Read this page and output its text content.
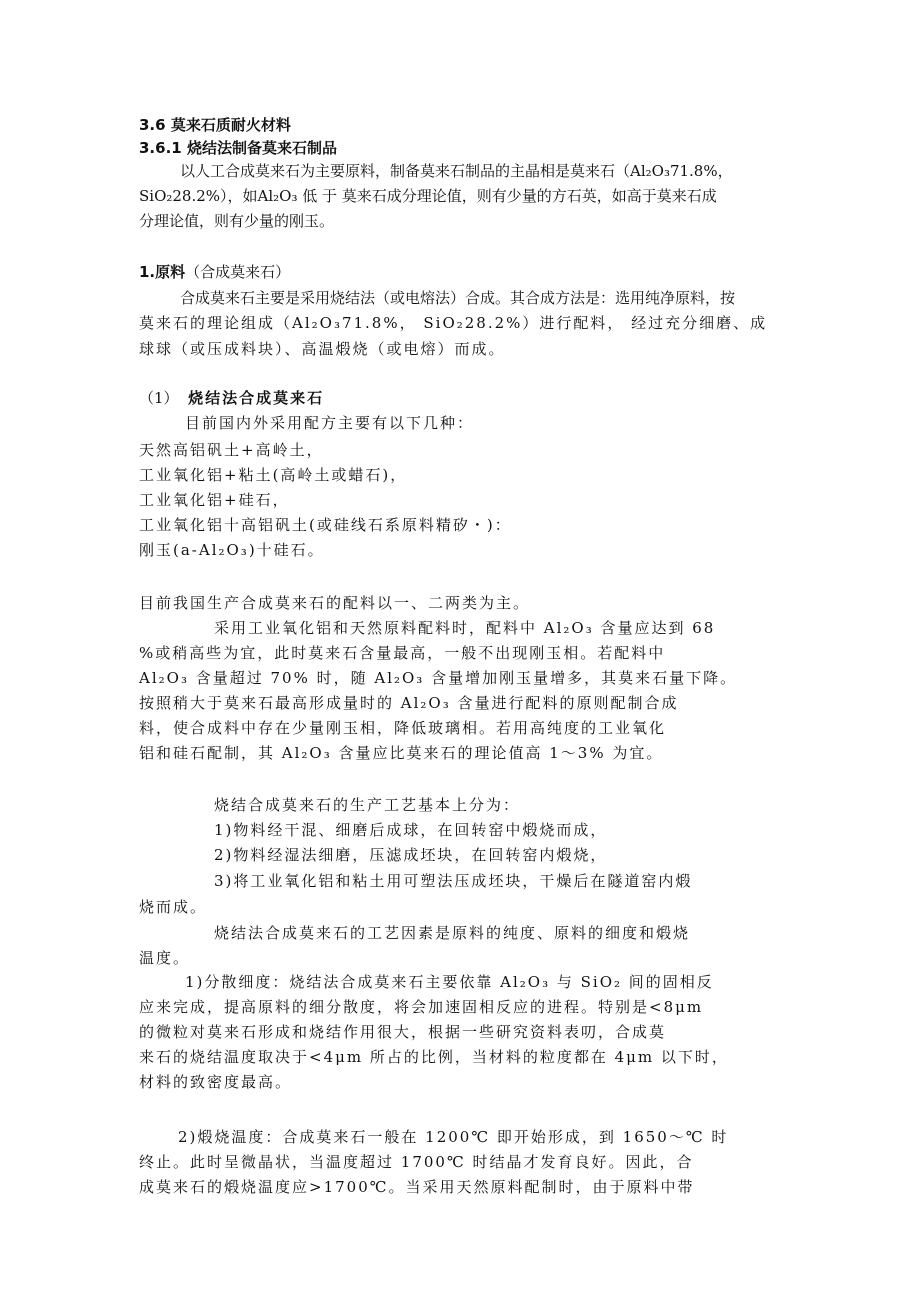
3.6 莫来石质耐火材料
3.6.1 烧结法制备莫来石制品
以人工合成莫来石为主要原料，制备莫来石制品的主晶相是莫来石（Al₂O₃71.8%，
SiO₂28.2%），如Al₂O₃ 低 于 莫来石成分理论值，则有少量的方石英，如高于莫来石成
分理论值，则有少量的刚玉。
1.原料（合成莫来石）
合成莫来石主要是采用烧结法（或电熔法）合成。其合成方法是：选用纯净原料，按
莫来石的理论组成（Al₂O₃71.8%， SiO₂28.2%）进行配料， 经过充分细磨、成
球球（或压成料块）、高温煅烧（或电熔）而成。
（1） 烧结法合成莫来石
目前国内外采用配方主要有以下几种：
天然高铝矾土+高岭土，
工业氧化铝+粘土(高岭土或蜡石)，
工业氧化铝+硅石，
工业氧化铝十高铝矾土(或硅线石系原料精矽・)：
刚玉(a-Al₂O₃)十硅石。
目前我国生产合成莫来石的配料以一、二两类为主。
采用工业氧化铝和天然原料配料时，配料中 Al₂O₃ 含量应达到 68
%或稍高些为宜，此时莫来石含量最高，一般不出现刚玉相。若配料中
Al₂O₃ 含量超过 70% 时，随 Al₂O₃ 含量增加刚玉量增多，其莫来石量下降。
按照稍大于莫来石最高形成量时的 Al₂O₃ 含量进行配料的原则配制合成
料，使合成料中存在少量刚玉相，降低玻璃相。若用高纯度的工业氧化
铝和硅石配制，其 Al₂O₃ 含量应比莫来石的理论值高 1～3% 为宜。
烧结合成莫来石的生产工艺基本上分为：
1)物料经干混、细磨后成球，在回转窑中煅烧而成，
2)物料经湿法细磨，压滤成坯块，在回转窑内煅烧，
3)将工业氧化铝和粘土用可塑法压成坯块，干燥后在隧道窑内煅
烧而成。
烧结法合成莫来石的工艺因素是原料的纯度、原料的细度和煅烧
温度。
1)分散细度：烧结法合成莫来石主要依靠 Al₂O₃ 与 SiO₂ 间的固相反
应来完成，提高原料的细分散度，将会加速固相反应的进程。特别是<8μm
的微粒对莫来石形成和烧结作用很大，根据一些研究资料表叨，合成莫
来石的烧结温度取决于<4μm 所占的比例，当材料的粒度都在 4μm 以下时，
材料的致密度最高。
2)煅烧温度：合成莫来石一般在 1200℃ 即开始形成，到 1650～℃ 时
终止。此时呈微晶状，当温度超过 1700℃ 时结晶才发育良好。因此，合
成莫来石的煅烧温度应>1700℃。当采用天然原料配制时，由于原料中带
